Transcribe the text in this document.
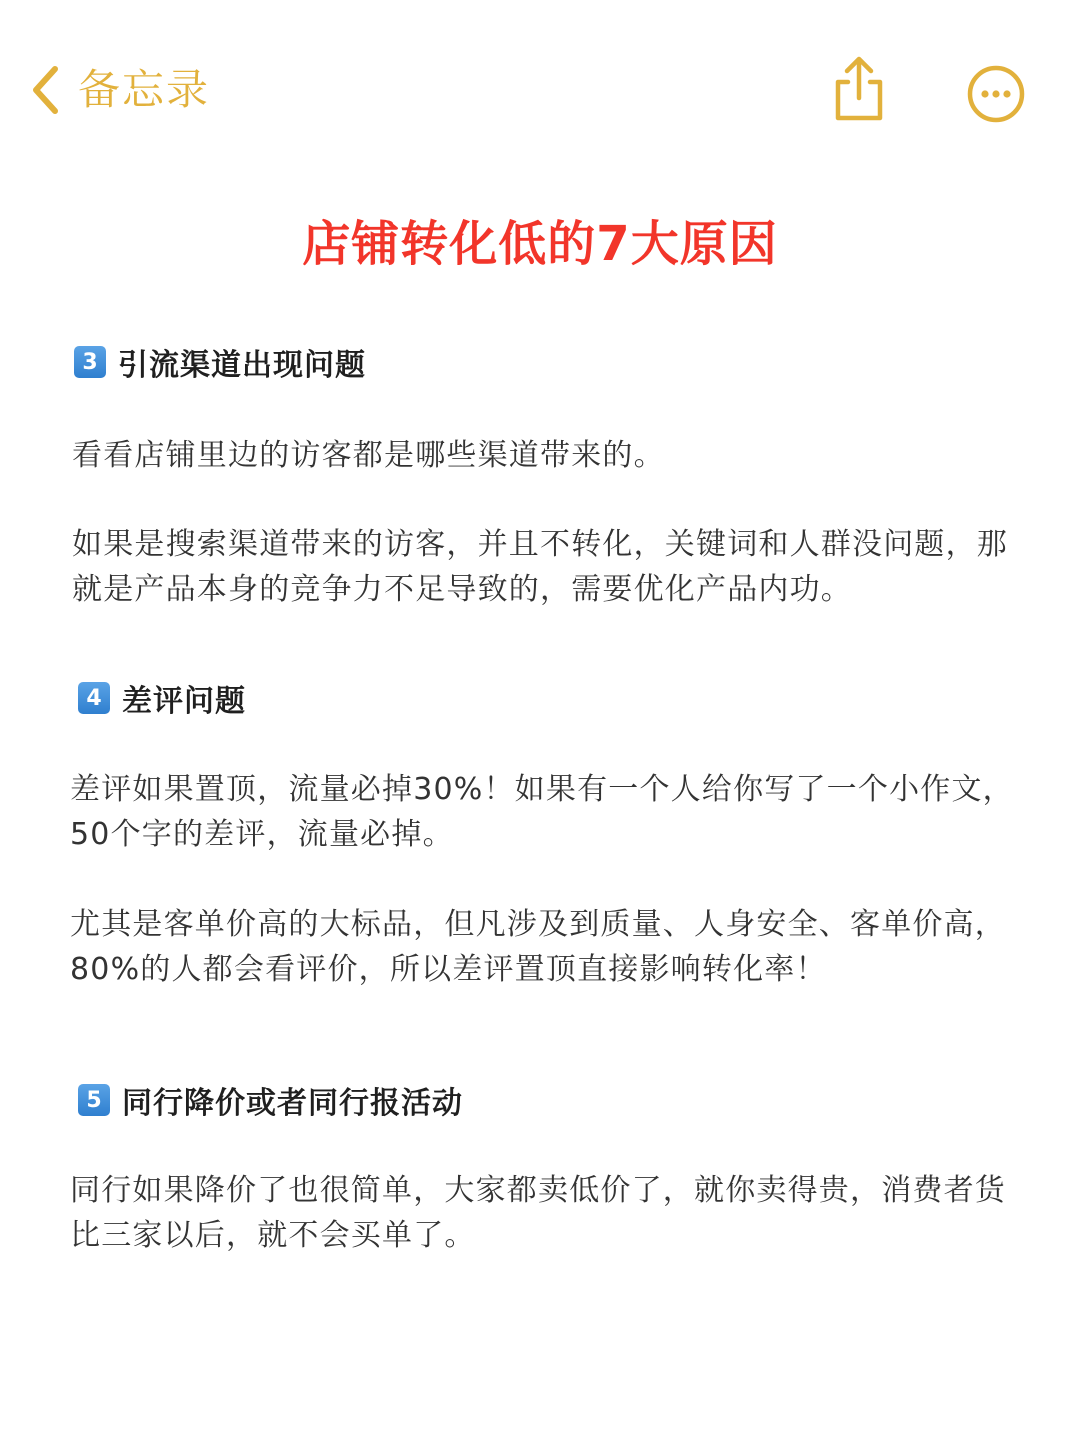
备忘录
店铺转化低的7大原因
3 引流渠道出现问题
看看店铺里边的访客都是哪些渠道带来的。
如果是搜索渠道带来的访客，并且不转化，关键词和人群没问题，那就是产品本身的竞争力不足导致的，需要优化产品内功。
4 差评问题
差评如果置顶，流量必掉30%！如果有一个人给你写了一个小作文，50个字的差评，流量必掉。
尤其是客单价高的大标品，但凡涉及到质量、人身安全、客单价高，80%的人都会看评价，所以差评置顶直接影响转化率！
5 同行降价或者同行报活动
同行如果降价了也很简单，大家都卖低价了，就你卖得贵，消费者货比三家以后，就不会买单了。
